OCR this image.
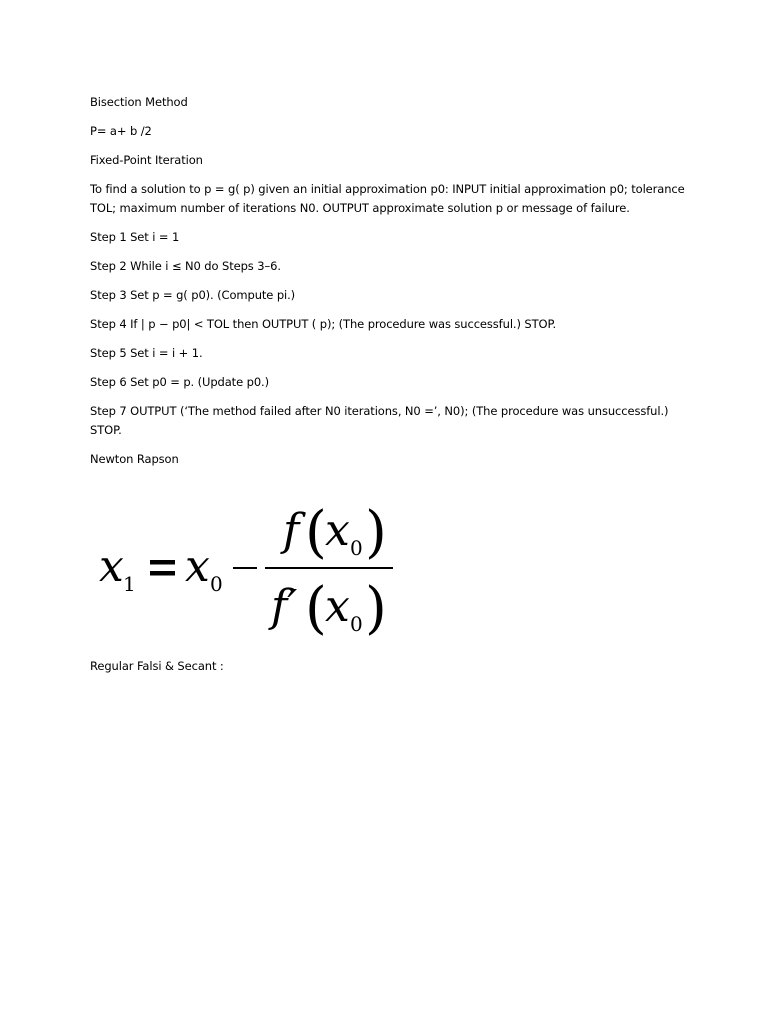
Bisection Method

P= a+ b /2

Fixed-Point Iteration

To find a solution to p = g( p) given an initial approximation p0: INPUT initial approximation p0; tolerance TOL; maximum number of iterations N0. OUTPUT approximate solution p or message of failure.

Step 1 Set i = 1

Step 2 While i ≤ N0 do Steps 3–6.

Step 3 Set p = g( p0). (Compute pi.)

Step 4 If | p − p0| < TOL then OUTPUT ( p); (The procedure was successful.) STOP.

Step 5 Set i = i + 1.

Step 6 Set p0 = p. (Update p0.)

Step 7 OUTPUT (‘The method failed after N0 iterations, N0 =’, N0); (The procedure was unsuccessful.) STOP.

Newton Rapson

x 1 x 0
f (
x 0 )
f′ (
x 0 )

Regular Falsi & Secant :
